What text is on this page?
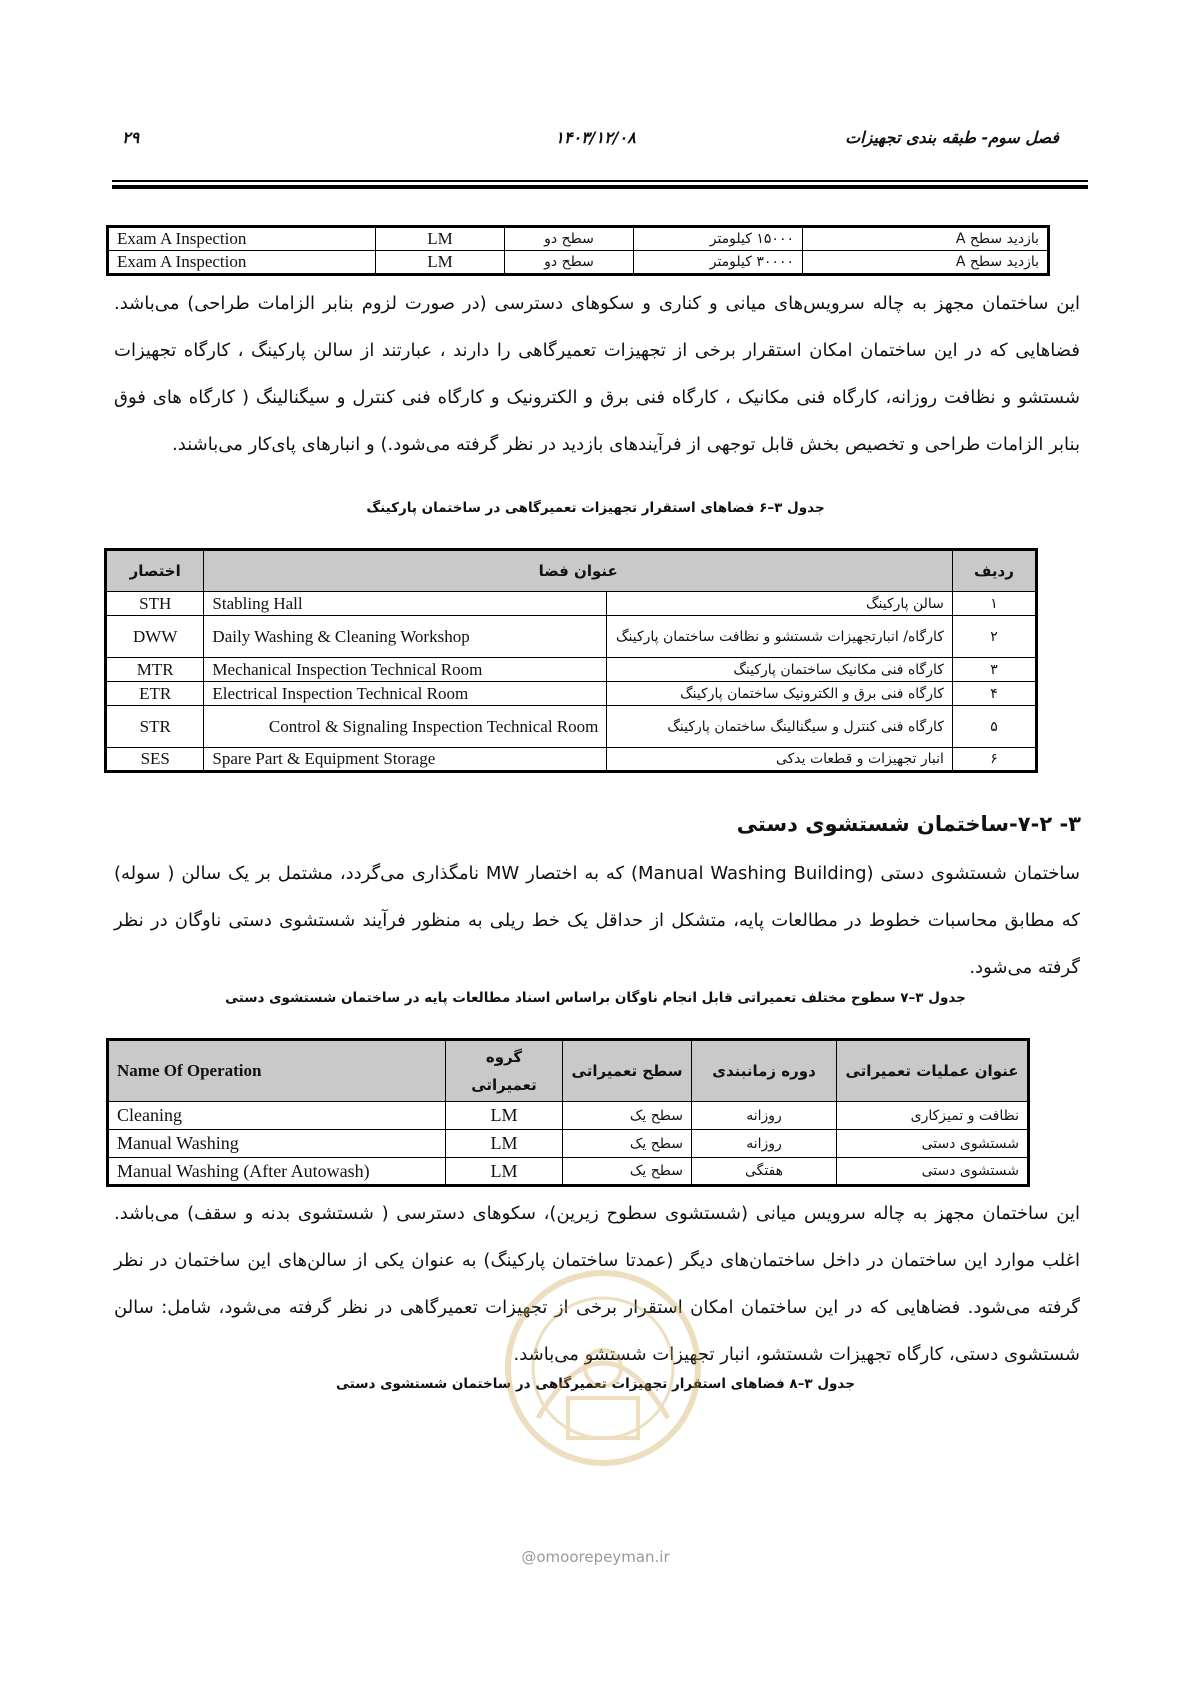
فصل سوم- طبقه بندی تجهیزات
۱۴۰۳/۱۲/۰۸
۲۹
Exam A Inspection	LM	سطح دو	۱۵۰۰۰ کیلومتر	بازدید سطح A
Exam A Inspection	LM	سطح دو	۳۰۰۰۰ کیلومتر	بازدید سطح A
این ساختمان مجهز به چاله سرویس‌های میانی و کناری و سکوهای دسترسی (در صورت لزوم بنابر الزامات طراحی) می‌باشد. فضاهایی که در این ساختمان امکان استقرار برخی از تجهیزات تعمیرگاهی را دارند ، عبارتند از سالن پارکینگ ، کارگاه تجهیزات شستشو و نظافت روزانه، کارگاه فنی مکانیک ، کارگاه فنی برق و الکترونیک و کارگاه فنی کنترل و سیگنالینگ ( کارگاه های فوق بنابر الزامات طراحی و تخصیص بخش قابل توجهی از فرآیندهای بازدید در نظر گرفته می‌شود.) و انبارهای پای‌کار می‌باشند.
جدول ۳–۶ فضاهای استقرار تجهیزات تعمیرگاهی در ساختمان پارکینگ
اختصار	عنوان فضا		ردیف
STH	Stabling Hall	سالن پارکینگ	۱
DWW	Daily Washing & Cleaning Workshop	کارگاه/ انبارتجهیزات شستشو و نظافت ساختمان پارکینگ	۲
MTR	Mechanical Inspection Technical Room	کارگاه فنی مکانیک ساختمان پارکینگ	۳
ETR	Electrical Inspection Technical Room	کارگاه فنی برق و الکترونیک ساختمان پارکینگ	۴
STR	Control & Signaling Inspection Technical Room	کارگاه فنی کنترل و سیگنالینگ ساختمان پارکینگ	۵
SES	Spare Part & Equipment Storage	انبار تجهیزات و قطعات یدکی	۶
۳- ۷-۲-ساختمان شستشوی دستی
ساختمان شستشوی دستی (Manual Washing Building) که به اختصار MW نامگذاری می‌گردد، مشتمل بر یک سالن ( سوله) که مطابق محاسبات خطوط در مطالعات پایه، متشکل از حداقل یک خط ریلی به منظور فرآیند شستشوی دستی ناوگان در نظر گرفته می‌شود.
جدول ۳–۷ سطوح مختلف تعمیراتی قابل انجام ناوگان براساس اسناد مطالعات پایه در ساختمان شستشوی دستی
Name Of Operation	گروه تعمیراتی	سطح تعمیراتی	دوره زمانبندی	عنوان عملیات تعمیراتی
Cleaning	LM	سطح یک	روزانه	نظافت و تمیزکاری
Manual Washing	LM	سطح یک	روزانه	شستشوی دستی
Manual Washing (After Autowash)	LM	سطح یک	هفتگی	شستشوی دستی
این ساختمان مجهز به چاله سرویس میانی (شستشوی سطوح زیرین)، سکوهای دسترسی ( شستشوی بدنه و سقف) می‌باشد. اغلب موارد این ساختمان در داخل ساختمان‌های دیگر (عمدتا ساختمان پارکینگ) به عنوان یکی از سالن‌های این ساختمان در نظر گرفته می‌شود. فضاهایی که در این ساختمان امکان استقرار برخی از تجهیزات تعمیرگاهی در نظر گرفته می‌شود، شامل: سالن شستشوی دستی، کارگاه تجهیزات شستشو، انبار تجهیزات شستشو می‌باشد.
جدول ۳–۸ فضاهای استقرار تجهیزات تعمیرگاهی در ساختمان شستشوی دستی
@omoorepeyman.ir
